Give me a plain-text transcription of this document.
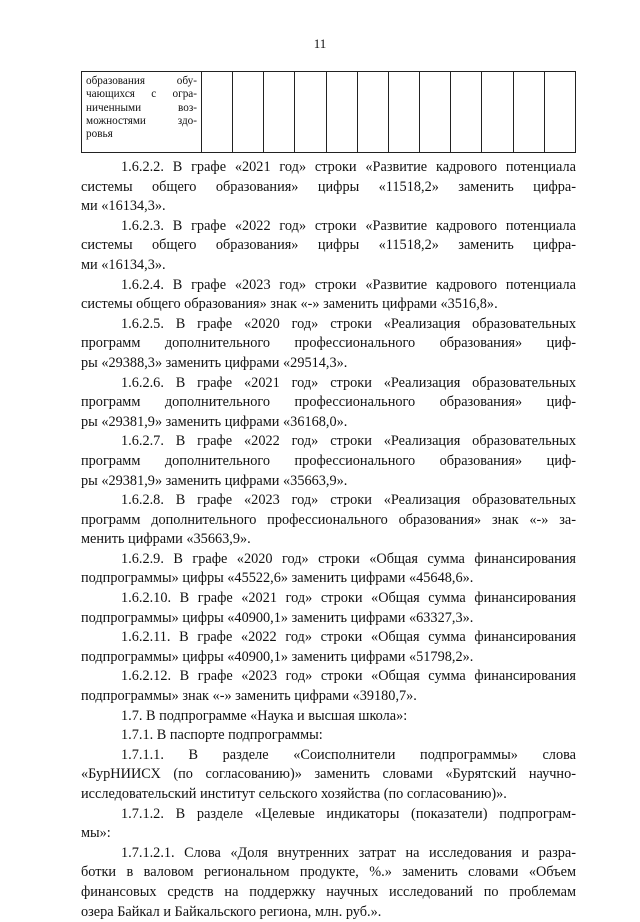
11
образования обу-
чающихся с огра-
ниченными воз-
можностями здо-
ровья

1.6.2.2. В графе «2021 год» строки «Развитие кадрового потенциала
системы общего образования» цифры «11518,2» заменить цифра-
ми «16134,3».
1.6.2.3. В графе «2022 год» строки «Развитие кадрового потенциала
системы общего образования» цифры «11518,2» заменить цифра-
ми «16134,3».
1.6.2.4. В графе «2023 год» строки «Развитие кадрового потенциала
системы общего образования» знак «-» заменить цифрами «3516,8».
1.6.2.5. В графе «2020 год» строки «Реализация образовательных
программ дополнительного профессионального образования» циф-
ры «29388,3» заменить цифрами «29514,3».
1.6.2.6. В графе «2021 год» строки «Реализация образовательных
программ дополнительного профессионального образования» циф-
ры «29381,9» заменить цифрами «36168,0».
1.6.2.7. В графе «2022 год» строки «Реализация образовательных
программ дополнительного профессионального образования» циф-
ры «29381,9» заменить цифрами «35663,9».
1.6.2.8. В графе «2023 год» строки «Реализация образовательных
программ дополнительного профессионального образования» знак «-» за-
менить цифрами «35663,9».
1.6.2.9. В графе «2020 год» строки «Общая сумма финансирования
подпрограммы» цифры «45522,6» заменить цифрами «45648,6».
1.6.2.10. В графе «2021 год» строки «Общая сумма финансирования
подпрограммы» цифры «40900,1» заменить цифрами «63327,3».
1.6.2.11. В графе «2022 год» строки «Общая сумма финансирования
подпрограммы» цифры «40900,1» заменить цифрами «51798,2».
1.6.2.12. В графе «2023 год» строки «Общая сумма финансирования
подпрограммы» знак «-» заменить цифрами «39180,7».
1.7. В подпрограмме «Наука и высшая школа»:
1.7.1. В паспорте подпрограммы:
1.7.1.1. В разделе «Соисполнители подпрограммы» слова
«БурНИИСХ (по согласованию)» заменить словами «Бурятский научно-
исследовательский институт сельского хозяйства (по согласованию)».
1.7.1.2. В разделе «Целевые индикаторы (показатели) подпрограм-
мы»:
1.7.1.2.1. Слова «Доля внутренних затрат на исследования и разра-
ботки в валовом региональном продукте, %.» заменить словами «Объем
финансовых средств на поддержку научных исследований по проблемам
озера Байкал и Байкальского региона, млн. руб.».
